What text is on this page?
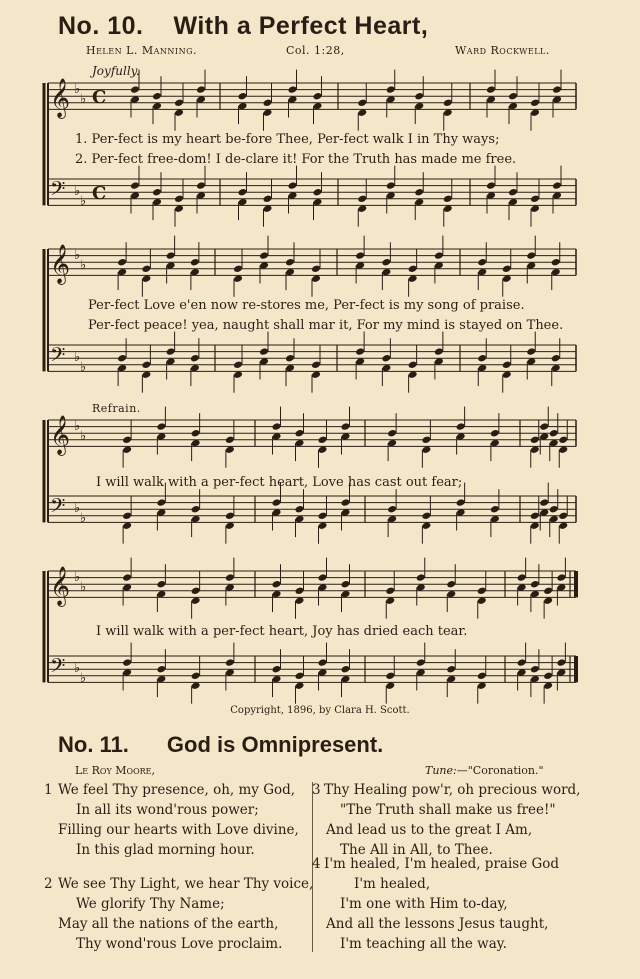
No. 10. With a Perfect Heart,
Helen L. Manning.	Col. 1:28,	Ward Rockwell.
Joyfully.
𝄞 ♭
♭ C
𝄢 ♭
♭ C
𝄞 ♭
♭
𝄢 ♭
♭
𝄞 ♭
♭
𝄢 ♭
♭
𝄞 ♭
♭
𝄢 ♭
♭
1. Per-fect is my heart be-fore Thee, Per-fect walk I in Thy ways;
2. Per-fect free-dom! I de-clare it! For the Truth has made me free.
Per-fect Love e'en now re-stores me, Per-fect is my song of praise.
Per-fect peace! yea, naught shall mar it, For my mind is stayed on Thee.
Refrain.
I will walk with a per-fect heart, Love has cast out fear;
I will walk with a per-fect heart, Joy has dried each tear.
Copyright, 1896, by Clara H. Scott.
No. 11. God is Omnipresent.
Le Roy Moore,	Tune:—"Coronation."
1 We feel Thy presence, oh, my God,
In all its wond'rous power;
Filling our hearts with Love divine,
In this glad morning hour.
2 We see Thy Light, we hear Thy voice,
We glorify Thy Name;
May all the nations of the earth,
Thy wond'rous Love proclaim.
3 Thy Healing pow'r, oh precious word,
"The Truth shall make us free!"
And lead us to the great I Am,
The All in All, to Thee.
4 I'm healed, I'm healed, praise God
I'm healed,
I'm one with Him to-day,
And all the lessons Jesus taught,
I'm teaching all the way.
